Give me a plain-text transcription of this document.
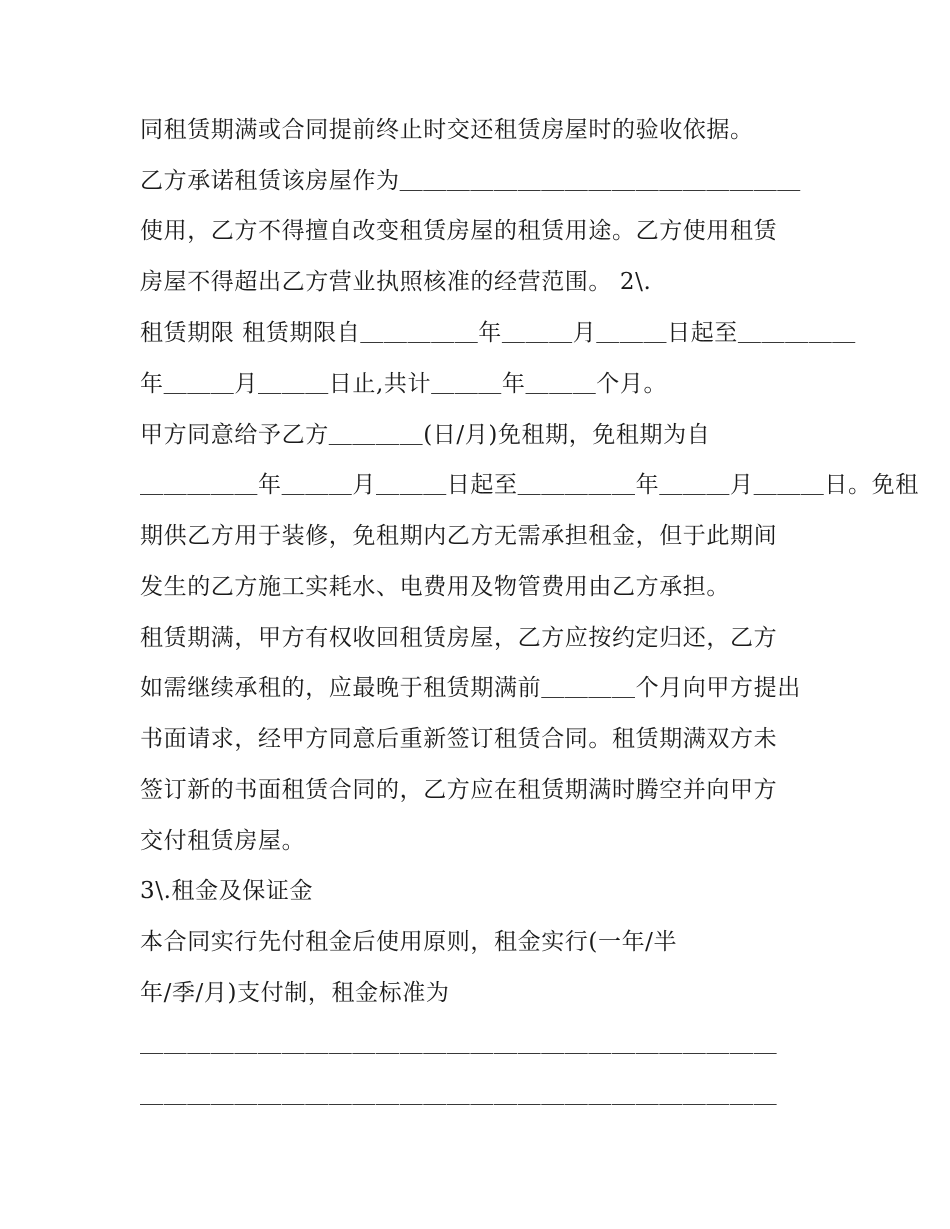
同租赁期满或合同提前终止时交还租赁房屋时的验收依据。
乙方承诺租赁该房屋作为＿＿＿＿＿＿＿＿＿＿＿＿＿＿＿＿＿
使用，乙方不得擅自改变租赁房屋的租赁用途。乙方使用租赁
房屋不得超出乙方营业执照核准的经营范围。 2\.
租赁期限 租赁期限自＿＿＿＿＿年＿＿＿月＿＿＿日起至＿＿＿＿＿
年＿＿＿月＿＿＿日止,共计＿＿＿年＿＿＿个月。
甲方同意给予乙方＿＿＿＿(日/月)免租期，免租期为自
＿＿＿＿＿年＿＿＿月＿＿＿日起至＿＿＿＿＿年＿＿＿月＿＿＿日。免租
期供乙方用于装修，免租期内乙方无需承担租金，但于此期间
发生的乙方施工实耗水、电费用及物管费用由乙方承担。
租赁期满，甲方有权收回租赁房屋，乙方应按约定归还，乙方
如需继续承租的，应最晚于租赁期满前＿＿＿＿个月向甲方提出
书面请求，经甲方同意后重新签订租赁合同。租赁期满双方未
签订新的书面租赁合同的，乙方应在租赁期满时腾空并向甲方
交付租赁房屋。
3\.租金及保证金
本合同实行先付租金后使用原则，租金实行(一年/半
年/季/月)支付制，租金标准为
＿＿＿＿＿＿＿＿＿＿＿＿＿＿＿＿＿＿＿＿＿＿＿＿＿＿＿
＿＿＿＿＿＿＿＿＿＿＿＿＿＿＿＿＿＿＿＿＿＿＿＿＿＿＿
